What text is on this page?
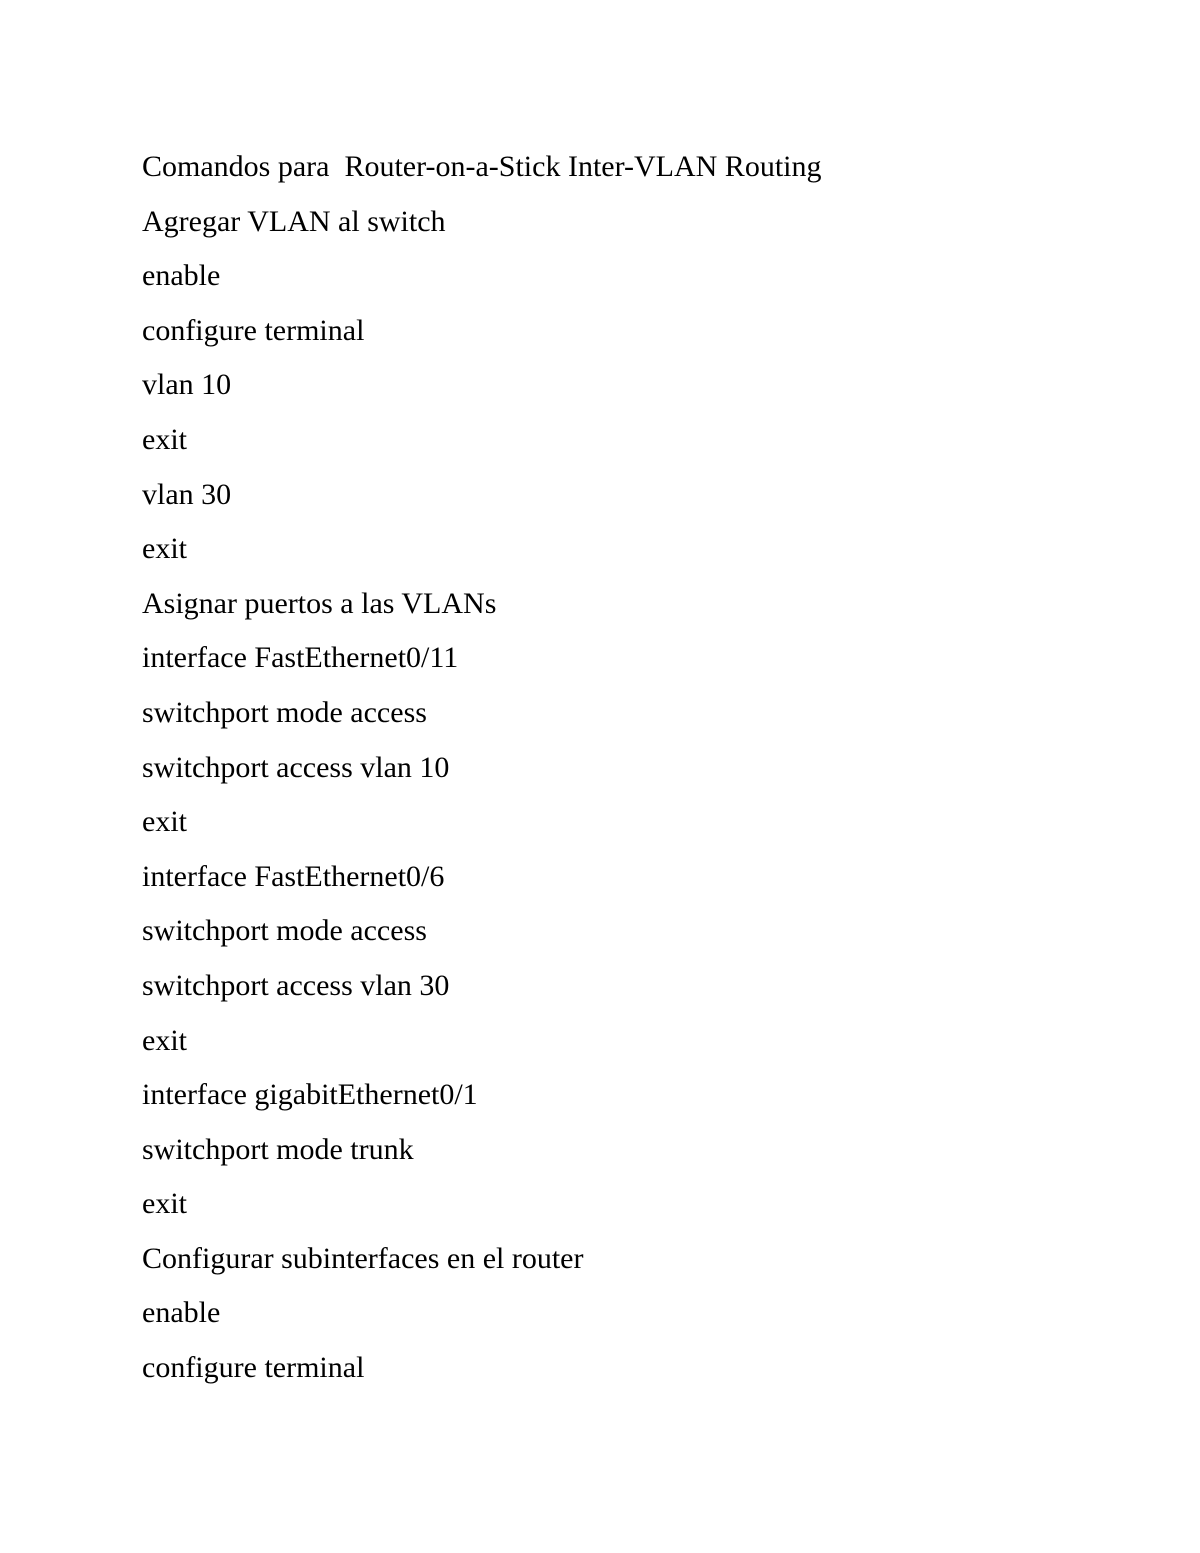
Comandos para  Router-on-a-Stick Inter-VLAN Routing
Agregar VLAN al switch
enable
configure terminal
vlan 10
exit
vlan 30
exit
Asignar puertos a las VLANs
interface FastEthernet0/11
switchport mode access
switchport access vlan 10
exit
interface FastEthernet0/6
switchport mode access
switchport access vlan 30
exit
interface gigabitEthernet0/1
switchport mode trunk
exit
Configurar subinterfaces en el router
enable
configure terminal
